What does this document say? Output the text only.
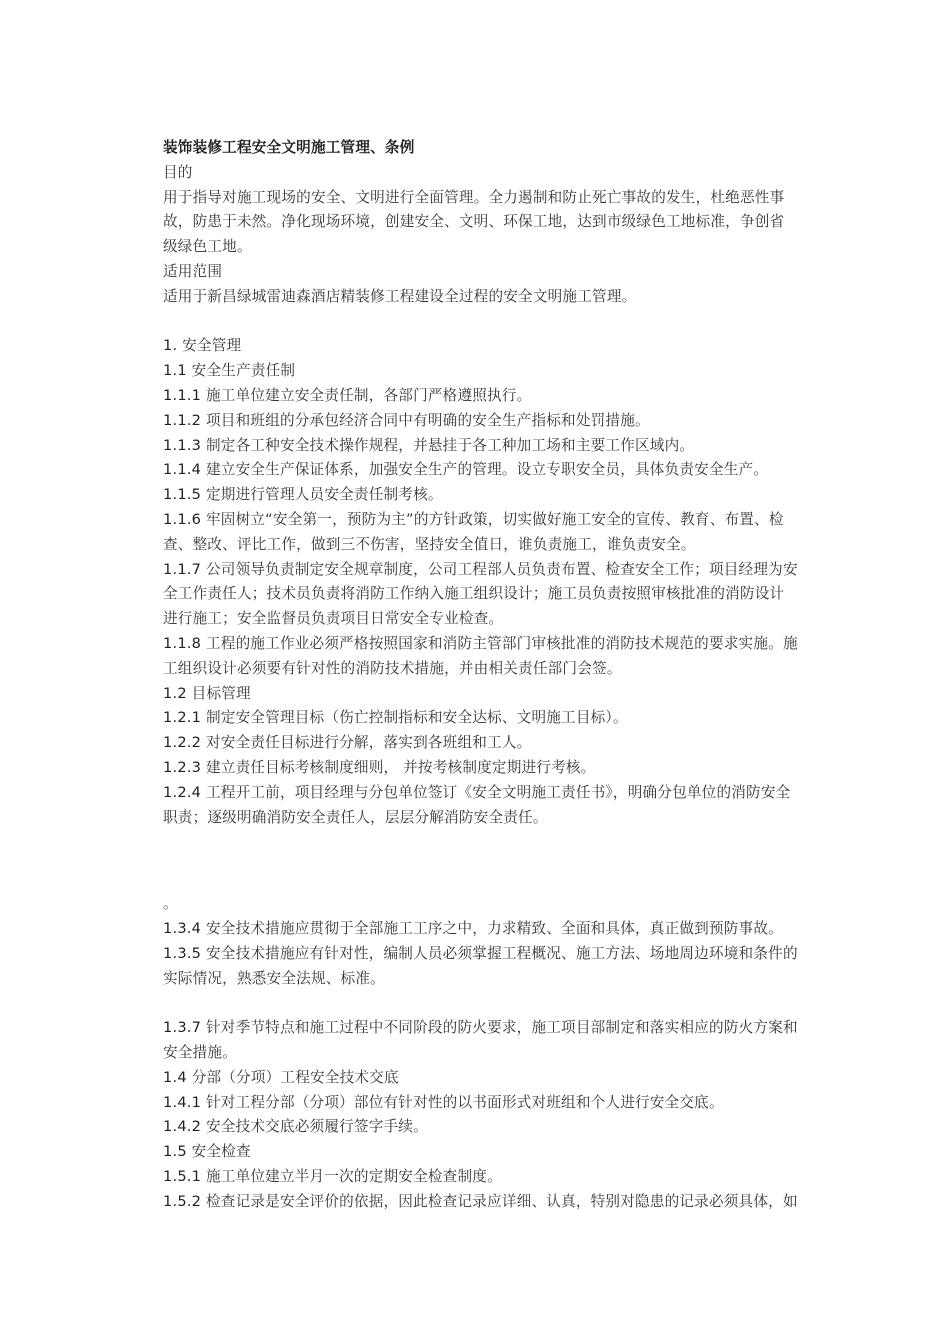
装饰装修工程安全文明施工管理、条例
目的
用于指导对施工现场的安全、文明进行全面管理。全力遏制和防止死亡事故的发生，杜绝恶性事
故，防患于未然。净化现场环境，创建安全、文明、环保工地，达到市级绿色工地标准，争创省
级绿色工地。
适用范围
适用于新昌绿城雷迪森酒店精装修工程建设全过程的安全文明施工管理。
1. 安全管理
1.1 安全生产责任制
1.1.1 施工单位建立安全责任制，各部门严格遵照执行。
1.1.2 项目和班组的分承包经济合同中有明确的安全生产指标和处罚措施。
1.1.3 制定各工种安全技术操作规程，并悬挂于各工种加工场和主要工作区域内。
1.1.4 建立安全生产保证体系，加强安全生产的管理。设立专职安全员，具体负责安全生产。
1.1.5 定期进行管理人员安全责任制考核。
1.1.6 牢固树立“安全第一，预防为主”的方针政策，切实做好施工安全的宣传、教育、布置、检
查、整改、评比工作，做到三不伤害，坚持安全值日，谁负责施工，谁负责安全。
1.1.7 公司领导负责制定安全规章制度，公司工程部人员负责布置、检查安全工作；项目经理为安
全工作责任人；技术员负责将消防工作纳入施工组织设计；施工员负责按照审核批准的消防设计
进行施工；安全监督员负责项目日常安全专业检查。
1.1.8 工程的施工作业必须严格按照国家和消防主管部门审核批准的消防技术规范的要求实施。施
工组织设计必须要有针对性的消防技术措施，并由相关责任部门会签。
1.2 目标管理
1.2.1 制定安全管理目标（伤亡控制指标和安全达标、文明施工目标）。
1.2.2 对安全责任目标进行分解，落实到各班组和工人。
1.2.3 建立责任目标考核制度细则， 并按考核制度定期进行考核。
1.2.4 工程开工前，项目经理与分包单位签订《安全文明施工责任书》，明确分包单位的消防安全
职责；逐级明确消防安全责任人，层层分解消防安全责任。
。
1.3.4 安全技术措施应贯彻于全部施工工序之中，力求精致、全面和具体，真正做到预防事故。
1.3.5 安全技术措施应有针对性，编制人员必须掌握工程概况、施工方法、场地周边环境和条件的
实际情况，熟悉安全法规、标准。
1.3.7 针对季节特点和施工过程中不同阶段的防火要求，施工项目部制定和落实相应的防火方案和
安全措施。
1.4 分部（分项）工程安全技术交底
1.4.1 针对工程分部（分项）部位有针对性的以书面形式对班组和个人进行安全交底。
1.4.2 安全技术交底必须履行签字手续。
1.5 安全检查
1.5.1 施工单位建立半月一次的定期安全检查制度。
1.5.2 检查记录是安全评价的依据，因此检查记录应详细、认真，特别对隐患的记录必须具体，如
